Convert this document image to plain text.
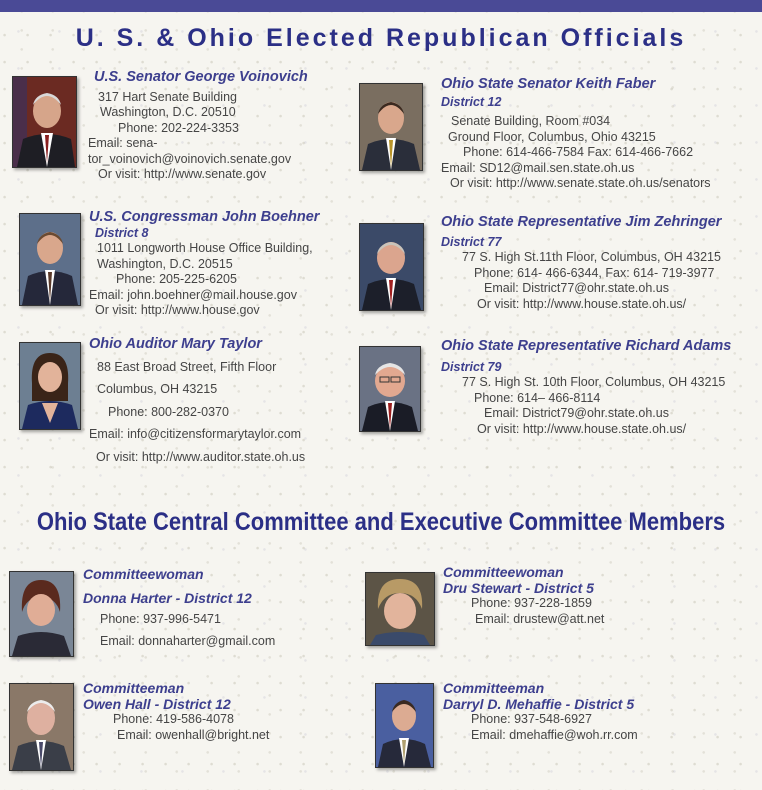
U. S. & Ohio Elected Republican Officials
U.S. Senator George Voinovich
317 Hart Senate Building
Washington, D.C. 20510
Phone: 202-224-3353
Email: sena-
tor_voinovich@voinovich.senate.gov
Or visit: http://www.senate.gov
U.S. Congressman John Boehner
District 8
1011 Longworth House Office Building,
Washington, D.C. 20515
Phone: 205-225-6205
Email: john.boehner@mail.house.gov
Or visit: http://www.house.gov
Ohio Auditor Mary Taylor
88 East Broad Street, Fifth Floor
Columbus, OH 43215
Phone: 800-282-0370
Email: info@citizensformarytaylor.com
Or visit: http://www.auditor.state.oh.us
Ohio State Senator Keith Faber
District 12
Senate Building, Room #034
Ground Floor, Columbus, Ohio 43215
Phone: 614-466-7584 Fax: 614-466-7662
Email: SD12@mail.sen.state.oh.us
Or visit: http://www.senate.state.oh.us/senators
Ohio State Representative Jim Zehringer
District 77
77 S. High St.11th Floor, Columbus, OH 43215
Phone: 614- 466-6344, Fax: 614- 719-3977
Email: District77@ohr.state.oh.us
Or visit: http://www.house.state.oh.us/
Ohio State Representative Richard Adams
District 79
77 S. High St. 10th Floor, Columbus, OH 43215
Phone: 614– 466-8114
Email: District79@ohr.state.oh.us
Or visit: http://www.house.state.oh.us/
Ohio State Central Committee and Executive Committee Members
Committeewoman
Donna Harter - District 12
Phone: 937-996-5471
Email: donnaharter@gmail.com
Committeewoman
Dru Stewart - District 5
Phone: 937-228-1859
Email: drustew@att.net
Committeeman
Owen Hall - District 12
Phone: 419-586-4078
Email: owenhall@bright.net
Committeeman
Darryl D. Mehaffie - District 5
Phone: 937-548-6927
Email: dmehaffie@woh.rr.com
